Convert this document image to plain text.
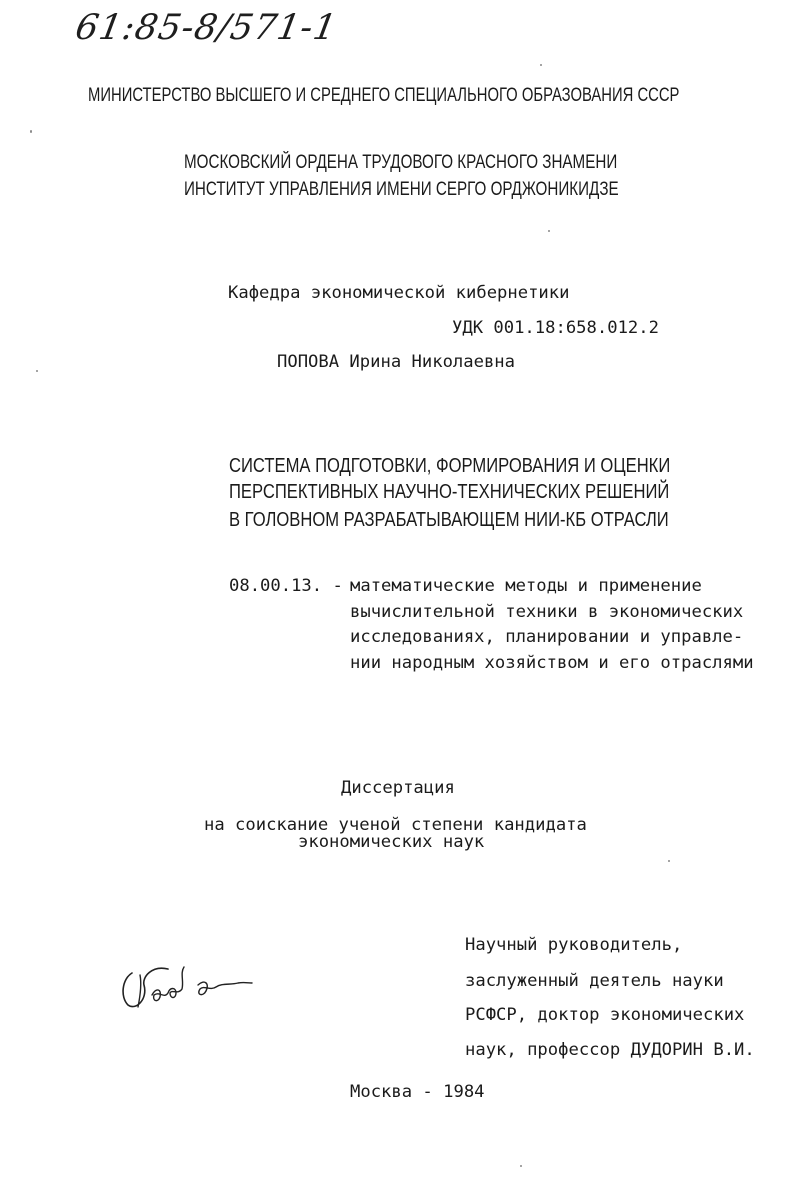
61:85-8/571-1
МИНИСТЕРСТВО ВЫСШЕГО И СРЕДНЕГО СПЕЦИАЛЬНОГО ОБРАЗОВАНИЯ СССР
МОСКОВСКИЙ ОРДЕНА ТРУДОВОГО КРАСНОГО ЗНАМЕНИ
ИНСТИТУТ УПРАВЛЕНИЯ ИМЕНИ СЕРГО ОРДЖОНИКИДЗЕ
Кафедра экономической кибернетики
УДК 001.18:658.012.2
ПОПОВА Ирина Николаевна
СИСТЕМА ПОДГОТОВКИ, ФОРМИРОВАНИЯ И ОЦЕНКИ
ПЕРСПЕКТИВНЫХ НАУЧНО-ТЕХНИЧЕСКИХ РЕШЕНИЙ
В ГОЛОВНОМ РАЗРАБАТЫВАЮЩЕМ НИИ-КБ ОТРАСЛИ
08.00.13. - математические методы и применение
вычислительной техники в экономических
исследованиях, планировании и управле-
нии народным хозяйством и его отраслями
Диссертация
на соискание ученой степени кандидата
экономических наук
Научный руководитель,
заслуженный деятель науки
РСФСР, доктор экономических
наук, профессор ДУДОРИН В.И.
Москва - 1984
